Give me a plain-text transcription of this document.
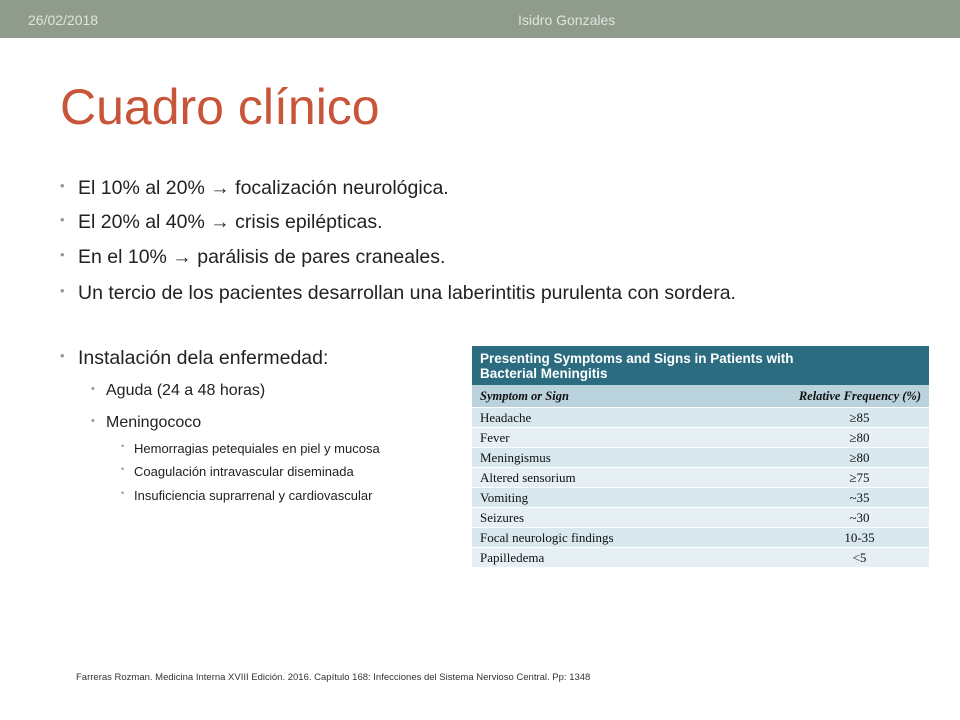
26/02/2018	Isidro Gonzales
Cuadro clínico
• El 10% al 20% → focalización neurológica.
• El 20% al 40% → crisis epilépticas.
• En el 10% → parálisis de pares craneales.
• Un tercio de los pacientes desarrollan una laberintitis purulenta con sordera.
• Instalación dela enfermedad:
• Aguda (24 a 48 horas)
• Meningococo
• Hemorragias petequiales en piel y mucosa
• Coagulación intravascular diseminada
• Insuficiencia suprarrenal y cardiovascular
Presenting Symptoms and Signs in Patients with
Bacterial Meningitis
Symptom or Sign	Relative Frequency (%)
Headache	≥85
Fever	≥80
Meningismus	≥80
Altered sensorium	≥75
Vomiting	~35
Seizures	~30
Focal neurologic findings	10-35
Papilledema	<5
Farreras Rozman. Medicina Interna XVIII Edición. 2016. Capítulo 168: Infecciones del Sistema Nervioso Central. Pp: 1348
